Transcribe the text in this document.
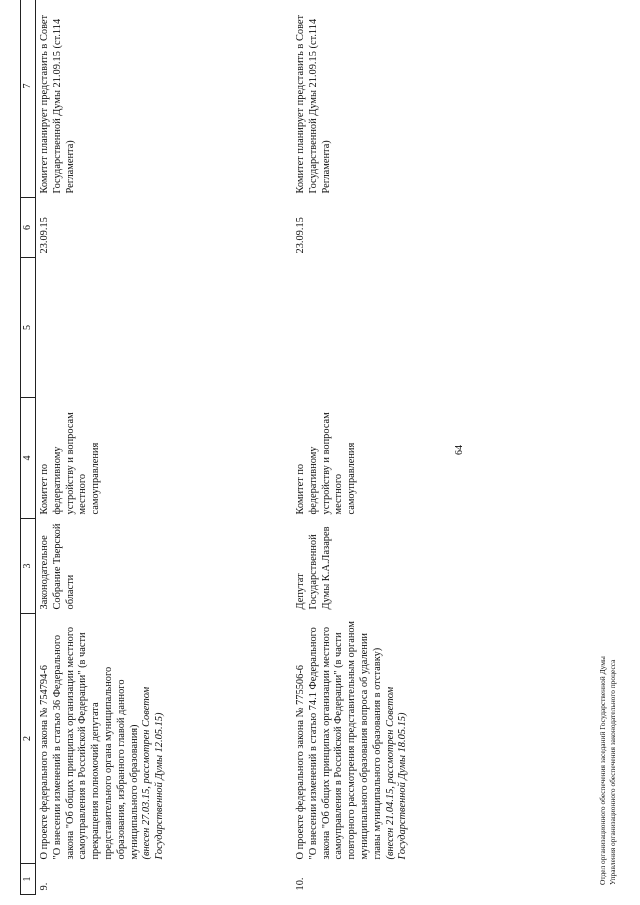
64
1	2	3	4	5	6	7
9.	О проекте федерального закона № 754794-6 "О внесении изменений в статью 36 Федерального закона "Об общих принципах организации местного самоуправления в Российской Федерации" (в части прекращения полномочий депутата представительного органа муниципального образования, избранного главой данного муниципального образования) (внесен 27.03.15, рассмотрен Советом Государственной Думы 12.05.15)	Законодательное Собрание Тверской области	Комитет по федеративному устройству и вопросам местного самоуправления		23.09.15	Комитет планирует представить в Совет Государственной Думы 21.09.15 (ст.114 Регламента)
10.	О проекте федерального закона № 775506-6 "О внесении изменений в статью 74.1 Федерального закона "Об общих принципах организации местного самоуправления в Российской Федерации" (в части повторного рассмотрения представительным органом муниципального образования вопроса об удалении главы муниципального образования в отставку) (внесен 21.04.15, рассмотрен Советом Государственной Думы 18.05.15)	Депутат Государственной Думы К.А.Лазарев	Комитет по федеративному устройству и вопросам местного самоуправления		23.09.15	Комитет планирует представить в Совет Государственной Думы 21.09.15 (ст.114 Регламента)
Отдел организационного обеспечения заседаний Государственной Думы Управления организационного обеспечения законодательного процесса
